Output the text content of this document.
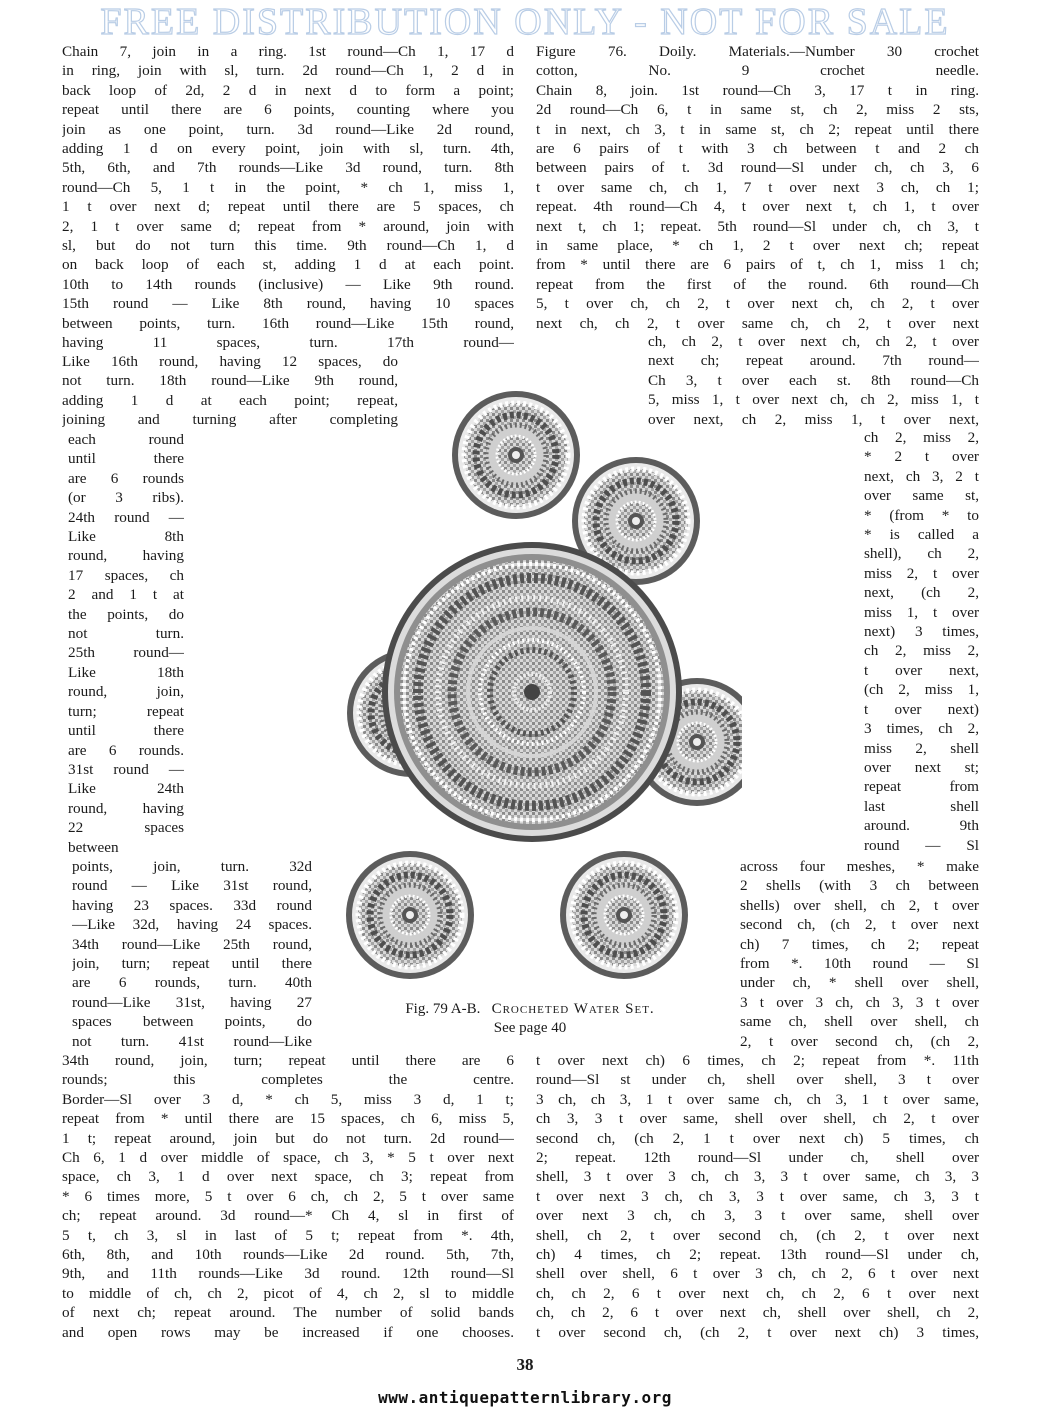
FREE DISTRIBUTION ONLY - NOT FOR SALE
Chain 7, join in a ring. 1st round—Ch 1, 17 d
in ring, join with sl, turn. 2d round—Ch 1, 2 d in
back loop of 2d, 2 d in next d to form a point;
repeat until there are 6 points, counting where you
join as one point, turn. 3d round—Like 2d round,
adding 1 d on every point, join with sl, turn. 4th,
5th, 6th, and 7th rounds—Like 3d round, turn. 8th
round—Ch 5, 1 t in the point, * ch 1, miss 1,
1 t over next d; repeat until there are 5 spaces, ch
2, 1 t over same d; repeat from * around, join with
sl, but do not turn this time. 9th round—Ch 1, d
on back loop of each st, adding 1 d at each point.
10th to 14th rounds (inclusive) — Like 9th round.
15th round — Like 8th round, having 10 spaces
between points, turn. 16th round—Like 15th round,
having 11 spaces, turn. 17th round—
Like 16th round, having 12 spaces, do
not turn. 18th round—Like 9th round,
adding 1 d at each point; repeat,
joining and turning after completing
each round
until there
are 6 rounds
(or 3 ribs).
24th round —
Like 8th
round, having
17 spaces, ch
2 and 1 t at
the points, do
not turn.
25th round—
Like 18th
round, join,
turn; repeat
until there
are 6 rounds.
31st round —
Like 24th
round, having
22 spaces
between
points, join, turn. 32d
round — Like 31st round,
having 23 spaces. 33d round
—Like 32d, having 24 spaces.
34th round—Like 25th round,
join, turn; repeat until there
are 6 rounds, turn. 40th
round—Like 31st, having 27
spaces between points, do
not turn. 41st round—Like
34th round, join, turn; repeat until there are 6
rounds; this completes the centre.
Border—Sl over 3 d, * ch 5, miss 3 d, 1 t;
repeat from * until there are 15 spaces, ch 6, miss 5,
1 t; repeat around, join but do not turn. 2d round—
Ch 6, 1 d over middle of space, ch 3, * 5 t over next
space, ch 3, 1 d over next space, ch 3; repeat from
* 6 times more, 5 t over 6 ch, ch 2, 5 t over same
ch; repeat around. 3d round—* Ch 4, sl in first of
5 t, ch 3, sl in last of 5 t; repeat from *. 4th,
6th, 8th, and 10th rounds—Like 2d round. 5th, 7th,
9th, and 11th rounds—Like 3d round. 12th round—Sl
to middle of ch, ch 2, picot of 4, ch 2, sl to middle
of next ch; repeat around. The number of solid bands
and open rows may be increased if one chooses.
Figure 76. Doily. Materials.—Number 30 crochet
cotton, No. 9 crochet needle.
Chain 8, join. 1st round—Ch 3, 17 t in ring.
2d round—Ch 6, t in same st, ch 2, miss 2 sts,
t in next, ch 3, t in same st, ch 2; repeat until there
are 6 pairs of t with 3 ch between t and 2 ch
between pairs of t. 3d round—Sl under ch, ch 3, 6
t over same ch, ch 1, 7 t over next 3 ch, ch 1;
repeat. 4th round—Ch 4, t over next t, ch 1, t over
next t, ch 1; repeat. 5th round—Sl under ch, ch 3, t
in same place, * ch 1, 2 t over next ch; repeat
from * until there are 6 pairs of t, ch 1, miss 1 ch;
repeat from the first of the round. 6th round—Ch
5, t over ch, ch 2, t over next ch, ch 2, t over
next ch, ch 2, t over same ch, ch 2, t over next
ch, ch 2, t over next ch, ch 2, t over
next ch; repeat around. 7th round—
Ch 3, t over each st. 8th round—Ch
5, miss 1, t over next ch, ch 2, miss 1, t
over next, ch 2, miss 1, t over next,
ch 2, miss 2,
* 2 t over
next, ch 3, 2 t
over same st,
* (from * to
* is called a
shell), ch 2,
miss 2, t over
next, (ch 2,
miss 1, t over
next) 3 times,
ch 2, miss 2,
t over next,
(ch 2, miss 1,
t over next)
3 times, ch 2,
miss 2, shell
over next st;
repeat from
last shell
around. 9th
round — Sl
across four meshes, * make
2 shells (with 3 ch between
shells) over shell, ch 2, t over
second ch, (ch 2, t over next
ch) 7 times, ch 2; repeat
from *. 10th round — Sl
under ch, * shell over shell,
3 t over 3 ch, ch 3, 3 t over
same ch, shell over shell, ch
2, t over second ch, (ch 2,
t over next ch) 6 times, ch 2; repeat from *. 11th
round—Sl st under ch, shell over shell, 3 t over
3 ch, ch 3, 1 t over same ch, ch 3, 1 t over same,
ch 3, 3 t over same, shell over shell, ch 2, t over
second ch, (ch 2, 1 t over next ch) 5 times, ch
2; repeat. 12th round—Sl under ch, shell over
shell, 3 t over 3 ch, ch 3, 3 t over same, ch 3, 3
t over next 3 ch, ch 3, 3 t over same, ch 3, 3 t
over next 3 ch, ch 3, 3 t over same, shell over
shell, ch 2, t over second ch, (ch 2, t over next
ch) 4 times, ch 2; repeat. 13th round—Sl under ch,
shell over shell, 6 t over 3 ch, ch 2, 6 t over next
ch, ch 2, 6 t over next ch, ch 2, 6 t over next
ch, ch 2, 6 t over next ch, shell over shell, ch 2,
t over second ch, (ch 2, t over next ch) 3 times,
Fig. 79 A-B. Crocheted Water Set.
See page 40
38
www.antiquepatternlibrary.org
